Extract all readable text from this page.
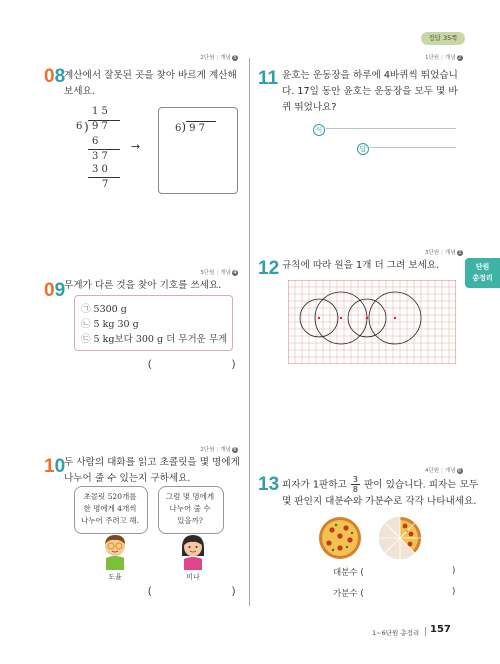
정답 35쪽
단원
총정리
2단원 | 개념 5
08
계산에서 잘못된 곳을 찾아 바르게 계산해 보세요.
1 5
6 ) 9 7
6
3 7
3 0
7
→
6) 9 7
5단원 | 개념 4
09
무게가 다른 것을 찾아 기호를 쓰세요.
㉠ 5300 g
㉡ 5 kg 30 g
㉢ 5 kg보다 300 g 더 무거운 무게
(	)
2단원 | 개념 6
10
두 사람의 대화를 읽고 초콜릿을 몇 명에게 나누어 줄 수 있는지 구하세요.
초콜릿 520개를
한 명에게 4개씩
나누어 주려고 해.
그럼 몇 명에게
나누어 줄 수
있을까?
도율	미나
(	)
1단원 | 개념 2
11 윤호는 운동장을 하루에 4바퀴씩 뛰었습니다. 17일 동안 윤호는 운동장을 모두 몇 바퀴 뛰었나요?
식
답
3단원 | 개념 3
12 규칙에 따라 원을 1개 더 그려 보세요.
4단원 | 개념 6
13 피자가 1판하고 $\frac{3}{8}$ 판이 있습니다. 피자는 모두
몇 판인지 대분수와 가분수로 각각 나타내세요.
대분수 (	)
가분수 (	)
1~6단원 총정리 157
